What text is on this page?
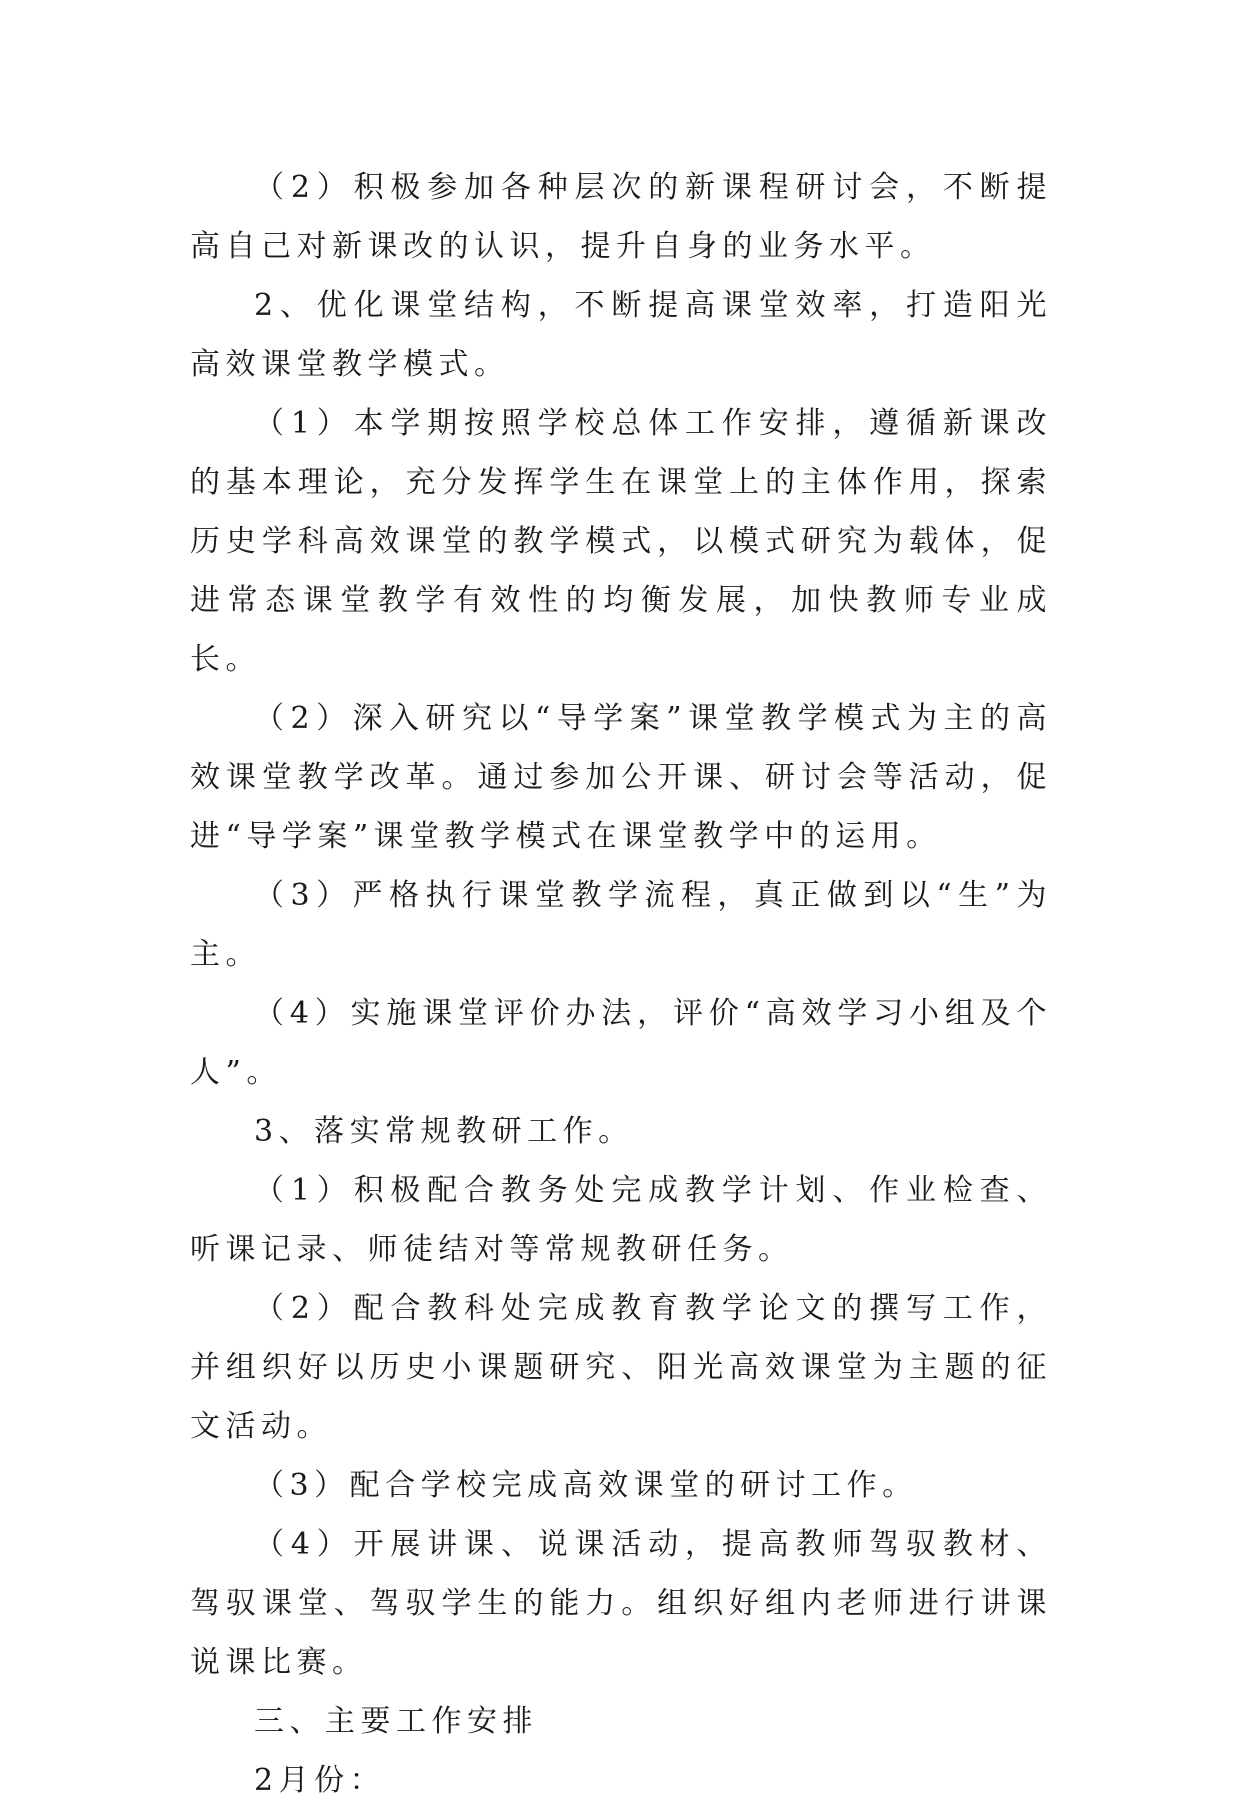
（2）积极参加各种层次的新课程研讨会，不断提高自己对新课改的认识，提升自身的业务水平。

2、优化课堂结构，不断提高课堂效率，打造阳光高效课堂教学模式。

（1）本学期按照学校总体工作安排，遵循新课改的基本理论，充分发挥学生在课堂上的主体作用，探索历史学科高效课堂的教学模式，以模式研究为载体，促进常态课堂教学有效性的均衡发展，加快教师专业成长。

（2）深入研究以“导学案”课堂教学模式为主的高效课堂教学改革。通过参加公开课、研讨会等活动，促进“导学案”课堂教学模式在课堂教学中的运用。

（3）严格执行课堂教学流程，真正做到以“生”为主。

（4）实施课堂评价办法，评价“高效学习小组及个人”。

3、落实常规教研工作。

（1）积极配合教务处完成教学计划、作业检查、听课记录、师徒结对等常规教研任务。

（2）配合教科处完成教育教学论文的撰写工作，并组织好以历史小课题研究、阳光高效课堂为主题的征文活动。

（3）配合学校完成高效课堂的研讨工作。

（4）开展讲课、说课活动，提高教师驾驭教材、驾驭课堂、驾驭学生的能力。组织好组内老师进行讲课说课比赛。

三、主要工作安排

2月份：
